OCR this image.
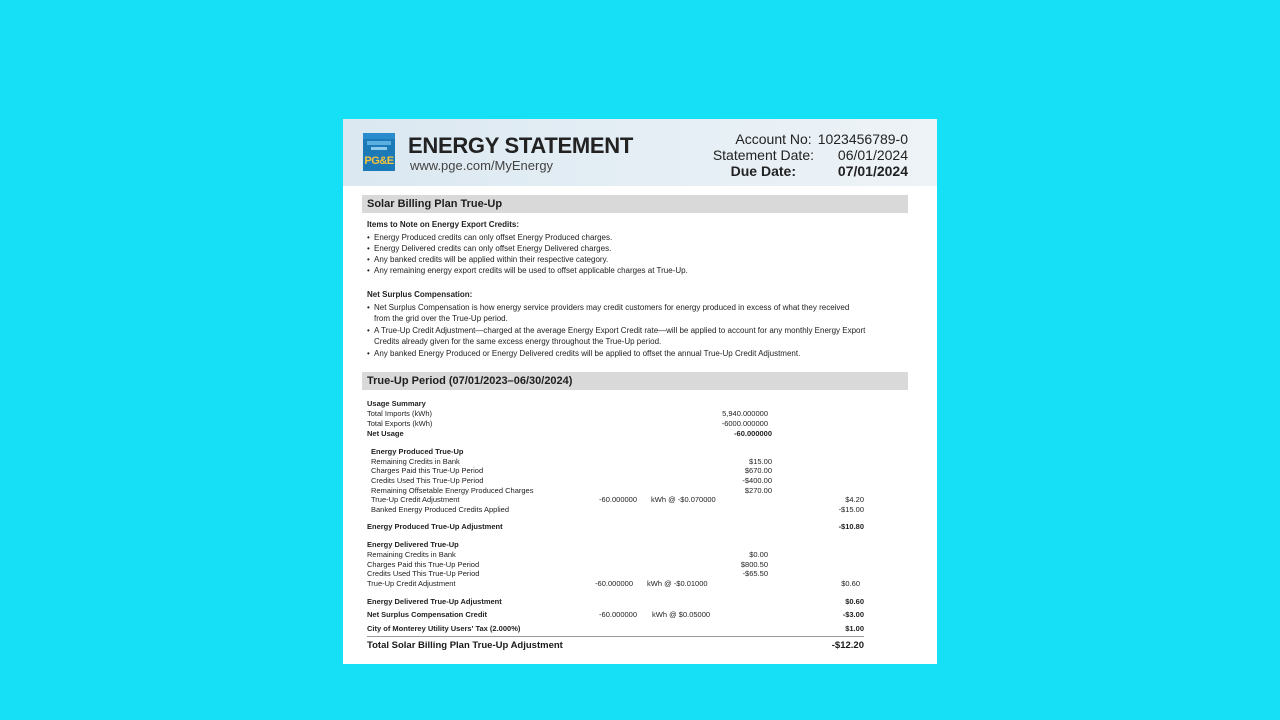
PG&E
ENERGY STATEMENT
www.pge.com/MyEnergy
Account No: 1023456789-0
Statement Date:	06/01/2024
Due Date:	07/01/2024
Solar Billing Plan True-Up
Items to Note on Energy Export Credits:
• Energy Produced credits can only offset Energy Produced charges.
• Energy Delivered credits can only offset Energy Delivered charges.
• Any banked credits will be applied within their respective category.
• Any remaining energy export credits will be used to offset applicable charges at True-Up.
Net Surplus Compensation:
• Net Surplus Compensation is how energy service providers may credit customers for energy produced in excess of what they received from the grid over the True-Up period.
• A True-Up Credit Adjustment—charged at the average Energy Export Credit rate—will be applied to account for any monthly Energy Export Credits already given for the same excess energy throughout the True-Up period.
• Any banked Energy Produced or Energy Delivered credits will be applied to offset the annual True-Up Credit Adjustment.
True-Up Period (07/01/2023–06/30/2024)
Usage Summary
Total Imports (kWh)	5,940.000000
Total Exports (kWh)	-6000.000000
Net Usage	-60.000000
Energy Produced True-Up
Remaining Credits in Bank	$15.00
Charges Paid this True-Up Period	$670.00
Credits Used This True-Up Period	-$400.00
Remaining Offsetable Energy Produced Charges	$270.00
True-Up Credit Adjustment	-60.000000 kWh @ -$0.070000	$4.20
Banked Energy Produced Credits Applied	-$15.00
Energy Produced True-Up Adjustment	-$10.80
Energy Delivered True-Up
Remaining Credits in Bank	$0.00
Charges Paid this True-Up Period	$800.50
Credits Used This True-Up Period	-$65.50
True-Up Credit Adjustment	-60.000000 kWh @ -$0.01000	$0.60
Energy Delivered True-Up Adjustment	$0.60
Net Surplus Compensation Credit	-60.000000 kWh @ $0.05000	-$3.00
City of Monterey Utility Users' Tax (2.000%)	$1.00
Total Solar Billing Plan True-Up Adjustment	-$12.20
